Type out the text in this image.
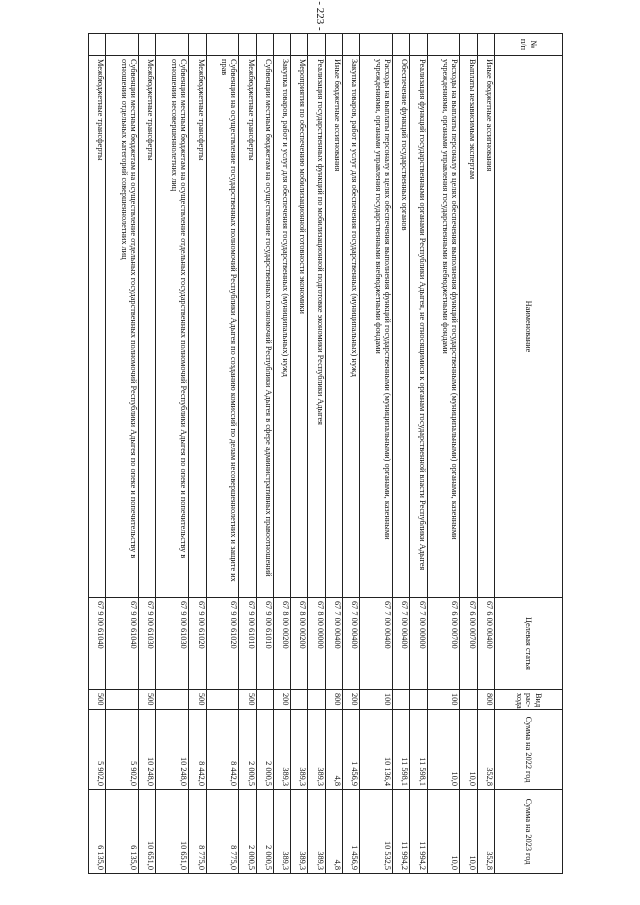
- 223 -
№ п/п	Наименование	Целевая статья	Вид рас-хода	Сумма на 2022 год	Сумма на 2023 год
	Иные бюджетные ассигнования	67 6 00 00400	800	352,8	352,8
	Выплаты независимым экспертам	67 6 00 00700		10,0	10,0
	Расходы на выплаты персоналу в целях обеспечения выполнения функций государственными (муниципальными) органами, казенными учреждениями, органами управления государственными внебюджетными фондами	67 6 00 00700	100	10,0	10,0
	Реализация функций государственными органами Республики Адыгея, не относящимися к органам государственной власти Республики Адыгея	67 7 00 00000		11 598,1	11 994,2
	Обеспечение функций государственных органов	67 7 00 00400		11 598,1	11 994,2
	Расходы на выплаты персоналу в целях обеспечения выполнения функций государственными (муниципальными) органами, казенными учреждениями, органами управления государственными внебюджетными фондами	67 7 00 00400	100	10 136,4	10 532,5
	Закупка товаров, работ и услуг для обеспечения государственных (муниципальных) нужд	67 7 00 00400	200	1 456,9	1 456,9
	Иные бюджетные ассигнования	67 7 00 00400	800	4,8	4,8
	Реализация государственных функций по мобилизационной подготовке экономики Республики Адыгея	67 8 00 00000		389,3	389,3
	Мероприятия по обеспечению мобилизационной готовности экономики	67 8 00 00200		389,3	389,3
	Закупка товаров, работ и услуг для обеспечения государственных (муниципальных) нужд	67 8 00 00200	200	389,3	389,3
	Субвенции местным бюджетам на осуществление государственных полномочий Республики Адыгея в сфере административных правоотношений	67 9 00 61010		2 000,5	2 000,5
	Межбюджетные трансферты	67 9 00 61010	500	2 000,5	2 000,5
	Субвенции на осуществление государственных полномочий Республики Адыгея по созданию комиссий по делам несовершеннолетних и защите их прав	67 9 00 61020		8 442,0	8 775,0
	Межбюджетные трансферты	67 9 00 61020	500	8 442,0	8 775,0
	Субвенции местным бюджетам на осуществление отдельных государственных полномочий Республики Адыгея по опеке и попечительству в отношении несовершеннолетних лиц	67 9 00 61030		10 248,0	10 651,0
	Межбюджетные трансферты	67 9 00 61030	500	10 248,0	10 651,0
	Субвенции местным бюджетам на осуществление отдельных государственных полномочий Республики Адыгея по опеке и попечительству в отношении отдельных категорий совершеннолетних лиц	67 9 00 61040		5 902,0	6 135,0
	Межбюджетные трансферты	67 9 00 61040	500	5 902,0	6 135,0
